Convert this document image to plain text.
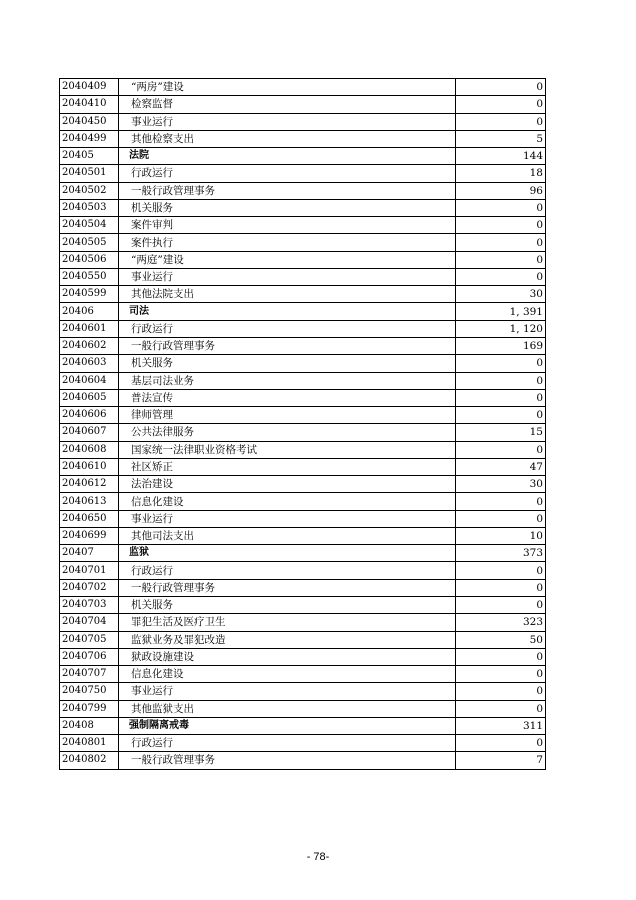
2040409	“两房”建设	0
2040410	检察监督	0
2040450	事业运行	0
2040499	其他检察支出	5
20405	法院	144
2040501	行政运行	18
2040502	一般行政管理事务	96
2040503	机关服务	0
2040504	案件审判	0
2040505	案件执行	0
2040506	“两庭”建设	0
2040550	事业运行	0
2040599	其他法院支出	30
20406	司法	1, 391
2040601	行政运行	1, 120
2040602	一般行政管理事务	169
2040603	机关服务	0
2040604	基层司法业务	0
2040605	普法宣传	0
2040606	律师管理	0
2040607	公共法律服务	15
2040608	国家统一法律职业资格考试	0
2040610	社区矫正	47
2040612	法治建设	30
2040613	信息化建设	0
2040650	事业运行	0
2040699	其他司法支出	10
20407	监狱	373
2040701	行政运行	0
2040702	一般行政管理事务	0
2040703	机关服务	0
2040704	罪犯生活及医疗卫生	323
2040705	监狱业务及罪犯改造	50
2040706	狱政设施建设	0
2040707	信息化建设	0
2040750	事业运行	0
2040799	其他监狱支出	0
20408	强制隔离戒毒	311
2040801	行政运行	0
2040802	一般行政管理事务	7
- 78-
